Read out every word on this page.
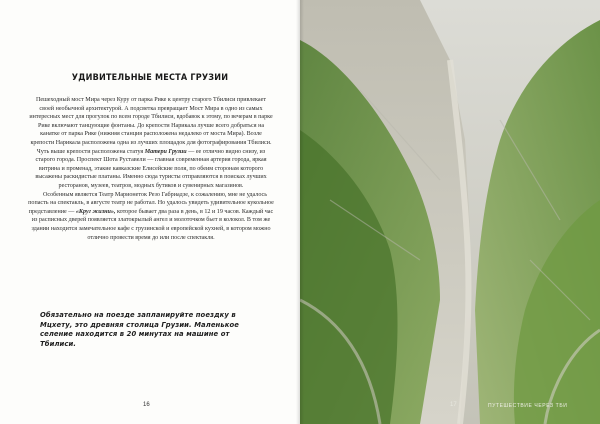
УДИВИТЕЛЬНЫЕ МЕСТА ГРУЗИИ

Пешеходный мост Мира через Куру от парка Рике к центру старого Тбилиси привлекает своей необычной архитектурой. А подсветка превращает Мост Мира в одно из самых интересных мест для прогулок по всем городе Тбилиси, вдобавок к этому, по вечерам в парке Рике включают танцующие фонтаны. До крепости Нарикала лучше всего добраться на канатке от парка Рике (нижняя станция расположена недалеко от моста Мира). Возле крепости Нарикала расположена одна из лучших площадок для фотографирования Тбилиси. Чуть выше крепости расположена статуя Матери Грузии — ее отлично видно снизу, из старого города. Проспект Шота Руставели — главная современная артерия города, яркая витрина и променад, этакие кавказские Елисейские поля, по обеим сторонам которого высажены раскидистые платаны. Именно сюда туристы отправляются в поисках лучших ресторанов, музеев, театров, модных бутиков и сувенирных магазинов.

Особенным является Театр Марионеток Резо Габриадзе, к сожалению, мне не удалось попасть на спектакль, в августе театр не работал. Но удалось увидеть удивительное кукольное представление — «Круг жизни», которое бывает два раза в день, в 12 и 19 часов. Каждый час из расписных дверей появляется златокрылый ангел и молоточком бьет в колокол. В том же здании находится замечательное кафе с грузинской и европейской кухней, в котором можно отлично провести время до или после спектакля.

Обязательно на поезде запланируйте поездку в Мцхету, это древняя столица Грузии. Маленькое селение находится в 20 минутах на машине от Тбилиси.
16	17	ПУТЕШЕСТВИЕ ЧЕРЕЗ ТБИ
